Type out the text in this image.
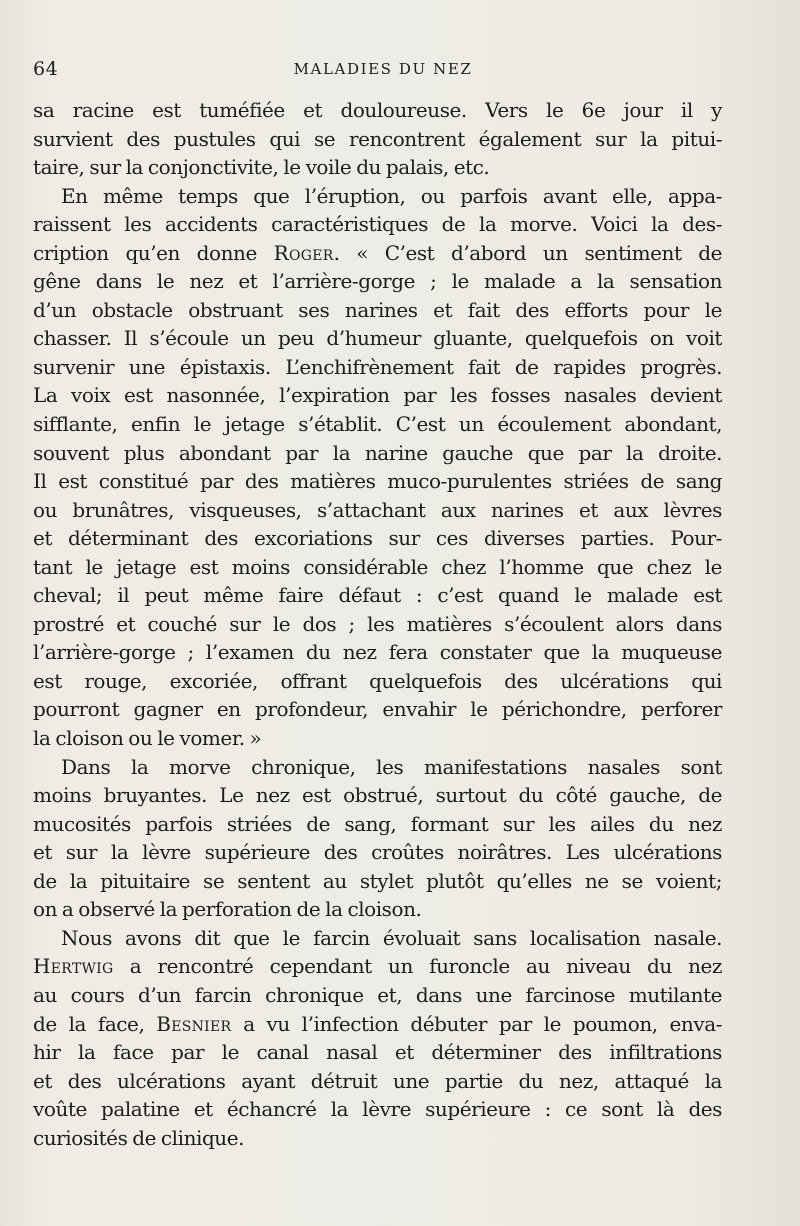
64	MALADIES DU NEZ
sa racine est tuméfiée et douloureuse. Vers le 6e jour il y
survient des pustules qui se rencontrent également sur la pitui-
taire, sur la conjonctivite, le voile du palais, etc.
En même temps que l’éruption, ou parfois avant elle, appa-
raissent les accidents caractéristiques de la morve. Voici la des-
cription qu’en donne Roger. « C’est d’abord un sentiment de
gêne dans le nez et l’arrière-gorge ; le malade a la sensation
d’un obstacle obstruant ses narines et fait des efforts pour le
chasser. Il s’écoule un peu d’humeur gluante, quelquefois on voit
survenir une épistaxis. L’enchifrènement fait de rapides progrès.
La voix est nasonnée, l’expiration par les fosses nasales devient
sifflante, enfin le jetage s’établit. C’est un écoulement abondant,
souvent plus abondant par la narine gauche que par la droite.
Il est constitué par des matières muco-purulentes striées de sang
ou brunâtres, visqueuses, s’attachant aux narines et aux lèvres
et déterminant des excoriations sur ces diverses parties. Pour-
tant le jetage est moins considérable chez l’homme que chez le
cheval; il peut même faire défaut : c’est quand le malade est
prostré et couché sur le dos ; les matières s’écoulent alors dans
l’arrière-gorge ; l’examen du nez fera constater que la muqueuse
est rouge, excoriée, offrant quelquefois des ulcérations qui
pourront gagner en profondeur, envahir le périchondre, perforer
la cloison ou le vomer. »
Dans la morve chronique, les manifestations nasales sont
moins bruyantes. Le nez est obstrué, surtout du côté gauche, de
mucosités parfois striées de sang, formant sur les ailes du nez
et sur la lèvre supérieure des croûtes noirâtres. Les ulcérations
de la pituitaire se sentent au stylet plutôt qu’elles ne se voient;
on a observé la perforation de la cloison.
Nous avons dit que le farcin évoluait sans localisation nasale.
Hertwig a rencontré cependant un furoncle au niveau du nez
au cours d’un farcin chronique et, dans une farcinose mutilante
de la face, Besnier a vu l’infection débuter par le poumon, enva-
hir la face par le canal nasal et déterminer des infiltrations
et des ulcérations ayant détruit une partie du nez, attaqué la
voûte palatine et échancré la lèvre supérieure : ce sont là des
curiosités de clinique.
